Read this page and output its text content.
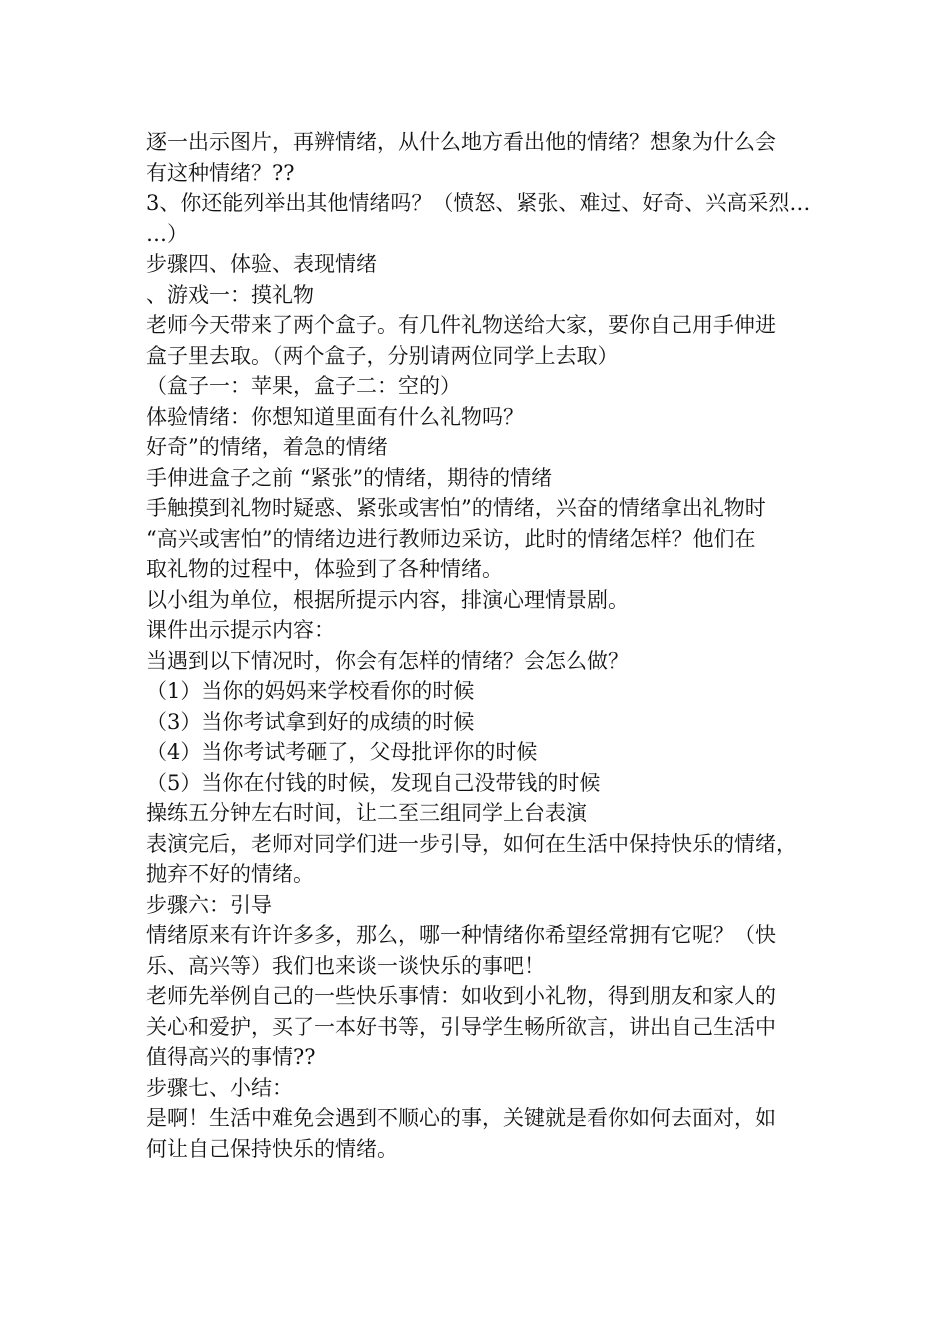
逐一出示图片，再辨情绪，从什么地方看出他的情绪？想象为什么会
有这种情绪？??
3、你还能列举出其他情绪吗？（愤怒、紧张、难过、好奇、兴高采烈…
…）
步骤四、体验、表现情绪
、游戏一：摸礼物
老师今天带来了两个盒子。有几件礼物送给大家，要你自己用手伸进
盒子里去取。（两个盒子，分别请两位同学上去取）
（盒子一：苹果，盒子二：空的）
体验情绪：你想知道里面有什么礼物吗？
好奇”的情绪，着急的情绪
手伸进盒子之前 “紧张”的情绪，期待的情绪
手触摸到礼物时疑惑、紧张或害怕”的情绪，兴奋的情绪拿出礼物时
“高兴或害怕”的情绪边进行教师边采访，此时的情绪怎样？他们在
取礼物的过程中，体验到了各种情绪。
以小组为单位，根据所提示内容，排演心理情景剧。
课件出示提示内容：
当遇到以下情况时，你会有怎样的情绪？会怎么做？
（1）当你的妈妈来学校看你的时候
（3）当你考试拿到好的成绩的时候
（4）当你考试考砸了，父母批评你的时候
（5）当你在付钱的时候，发现自己没带钱的时候
操练五分钟左右时间，让二至三组同学上台表演
表演完后，老师对同学们进一步引导，如何在生活中保持快乐的情绪，
抛弃不好的情绪。
步骤六：引导
情绪原来有许许多多，那么，哪一种情绪你希望经常拥有它呢？（快
乐、高兴等）我们也来谈一谈快乐的事吧！
老师先举例自己的一些快乐事情：如收到小礼物，得到朋友和家人的
关心和爱护，买了一本好书等，引导学生畅所欲言，讲出自己生活中
值得高兴的事情??
步骤七、小结：
是啊！生活中难免会遇到不顺心的事，关键就是看你如何去面对，如
何让自己保持快乐的情绪。
